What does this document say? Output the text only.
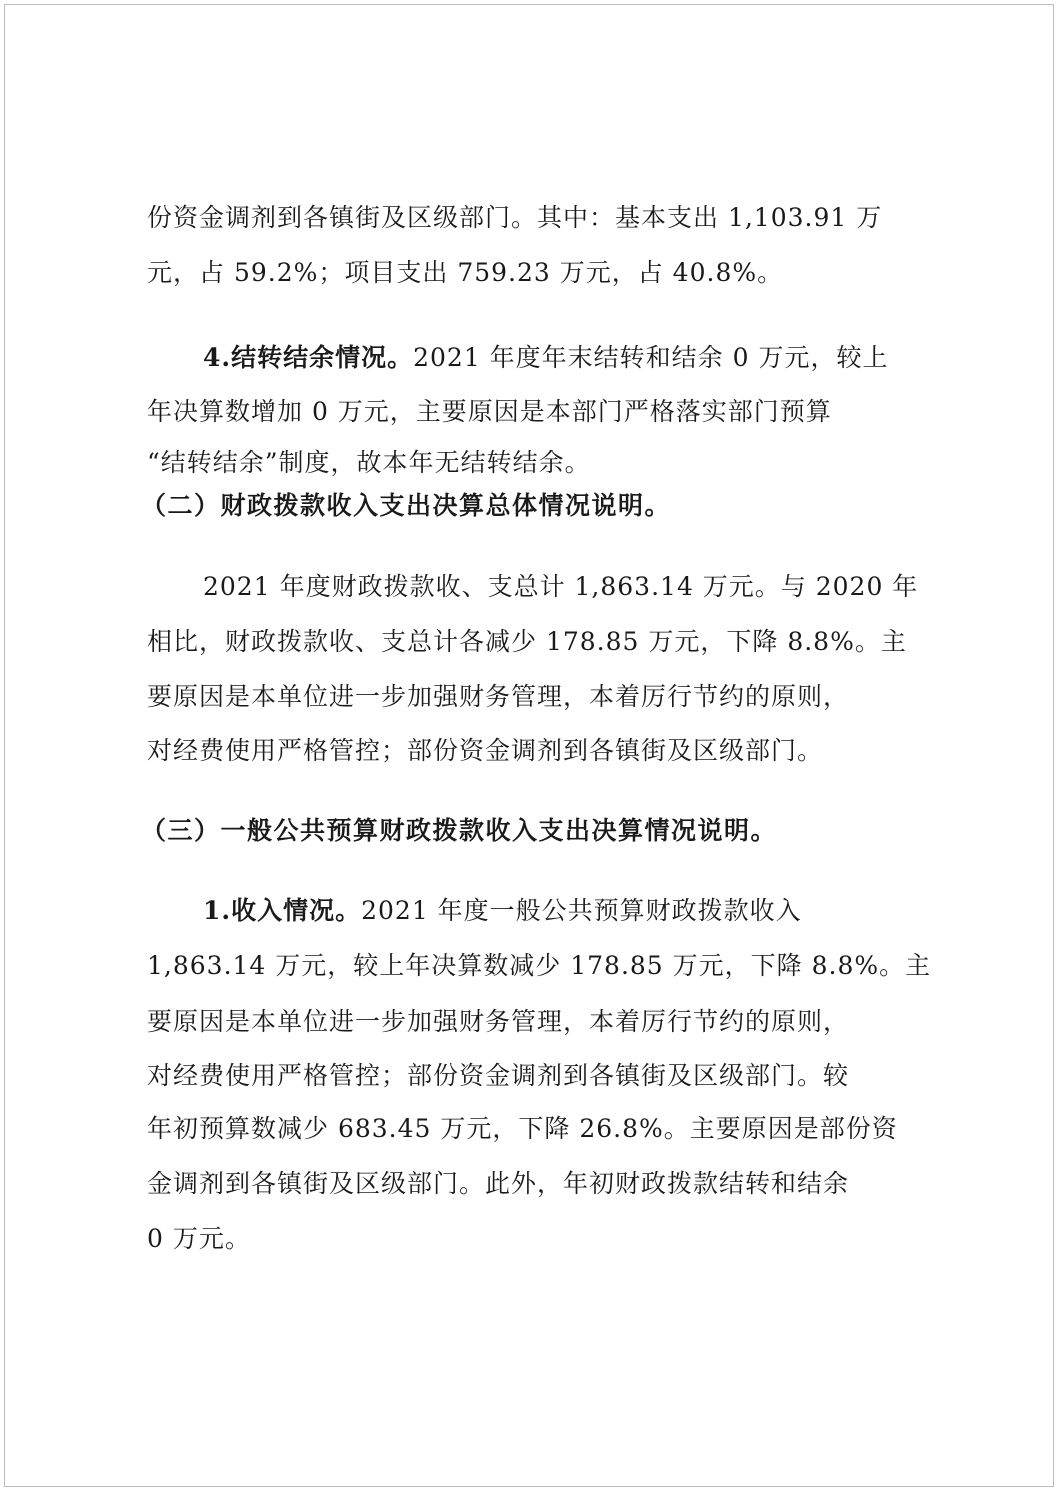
份资金调剂到各镇街及区级部门。其中：基本支出 1,103.91 万
元，占 59.2%；项目支出 759.23 万元，占 40.8%。
4.结转结余情况。2021 年度年末结转和结余 0 万元，较上
年决算数增加 0 万元，主要原因是本部门严格落实部门预算
“结转结余”制度，故本年无结转结余。
（二）财政拨款收入支出决算总体情况说明。
2021 年度财政拨款收、支总计 1,863.14 万元。与 2020 年
相比，财政拨款收、支总计各减少 178.85 万元，下降 8.8%。主
要原因是本单位进一步加强财务管理，本着厉行节约的原则，
对经费使用严格管控；部份资金调剂到各镇街及区级部门。
（三）一般公共预算财政拨款收入支出决算情况说明。
1.收入情况。2021 年度一般公共预算财政拨款收入
1,863.14 万元，较上年决算数减少 178.85 万元，下降 8.8%。主
要原因是本单位进一步加强财务管理，本着厉行节约的原则，
对经费使用严格管控；部份资金调剂到各镇街及区级部门。较
年初预算数减少 683.45 万元，下降 26.8%。主要原因是部份资
金调剂到各镇街及区级部门。此外，年初财政拨款结转和结余
0 万元。
